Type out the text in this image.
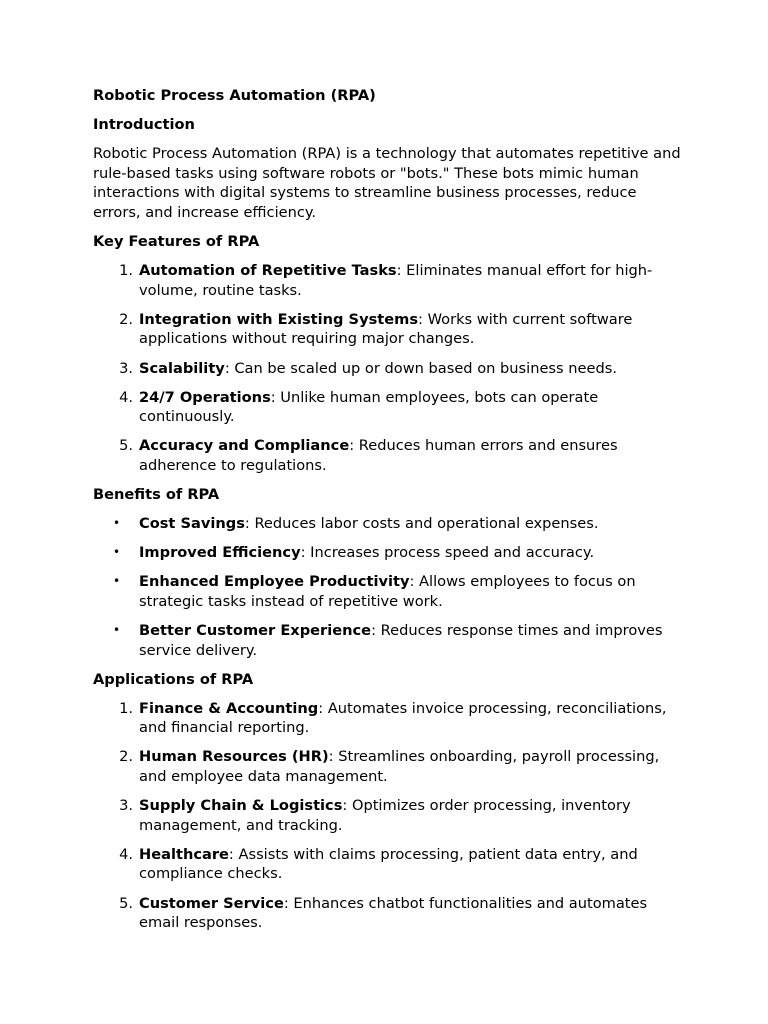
Robotic Process Automation (RPA)
Introduction
Robotic Process Automation (RPA) is a technology that automates repetitive and rule-based tasks using software robots or "bots." These bots mimic human interactions with digital systems to streamline business processes, reduce errors, and increase efficiency.
Key Features of RPA
1. Automation of Repetitive Tasks: Eliminates manual effort for high-volume, routine tasks.
2. Integration with Existing Systems: Works with current software applications without requiring major changes.
3. Scalability: Can be scaled up or down based on business needs.
4. 24/7 Operations: Unlike human employees, bots can operate continuously.
5. Accuracy and Compliance: Reduces human errors and ensures adherence to regulations.
Benefits of RPA
• Cost Savings: Reduces labor costs and operational expenses.
• Improved Efficiency: Increases process speed and accuracy.
• Enhanced Employee Productivity: Allows employees to focus on strategic tasks instead of repetitive work.
• Better Customer Experience: Reduces response times and improves service delivery.
Applications of RPA
1. Finance & Accounting: Automates invoice processing, reconciliations, and financial reporting.
2. Human Resources (HR): Streamlines onboarding, payroll processing, and employee data management.
3. Supply Chain & Logistics: Optimizes order processing, inventory management, and tracking.
4. Healthcare: Assists with claims processing, patient data entry, and compliance checks.
5. Customer Service: Enhances chatbot functionalities and automates email responses.
